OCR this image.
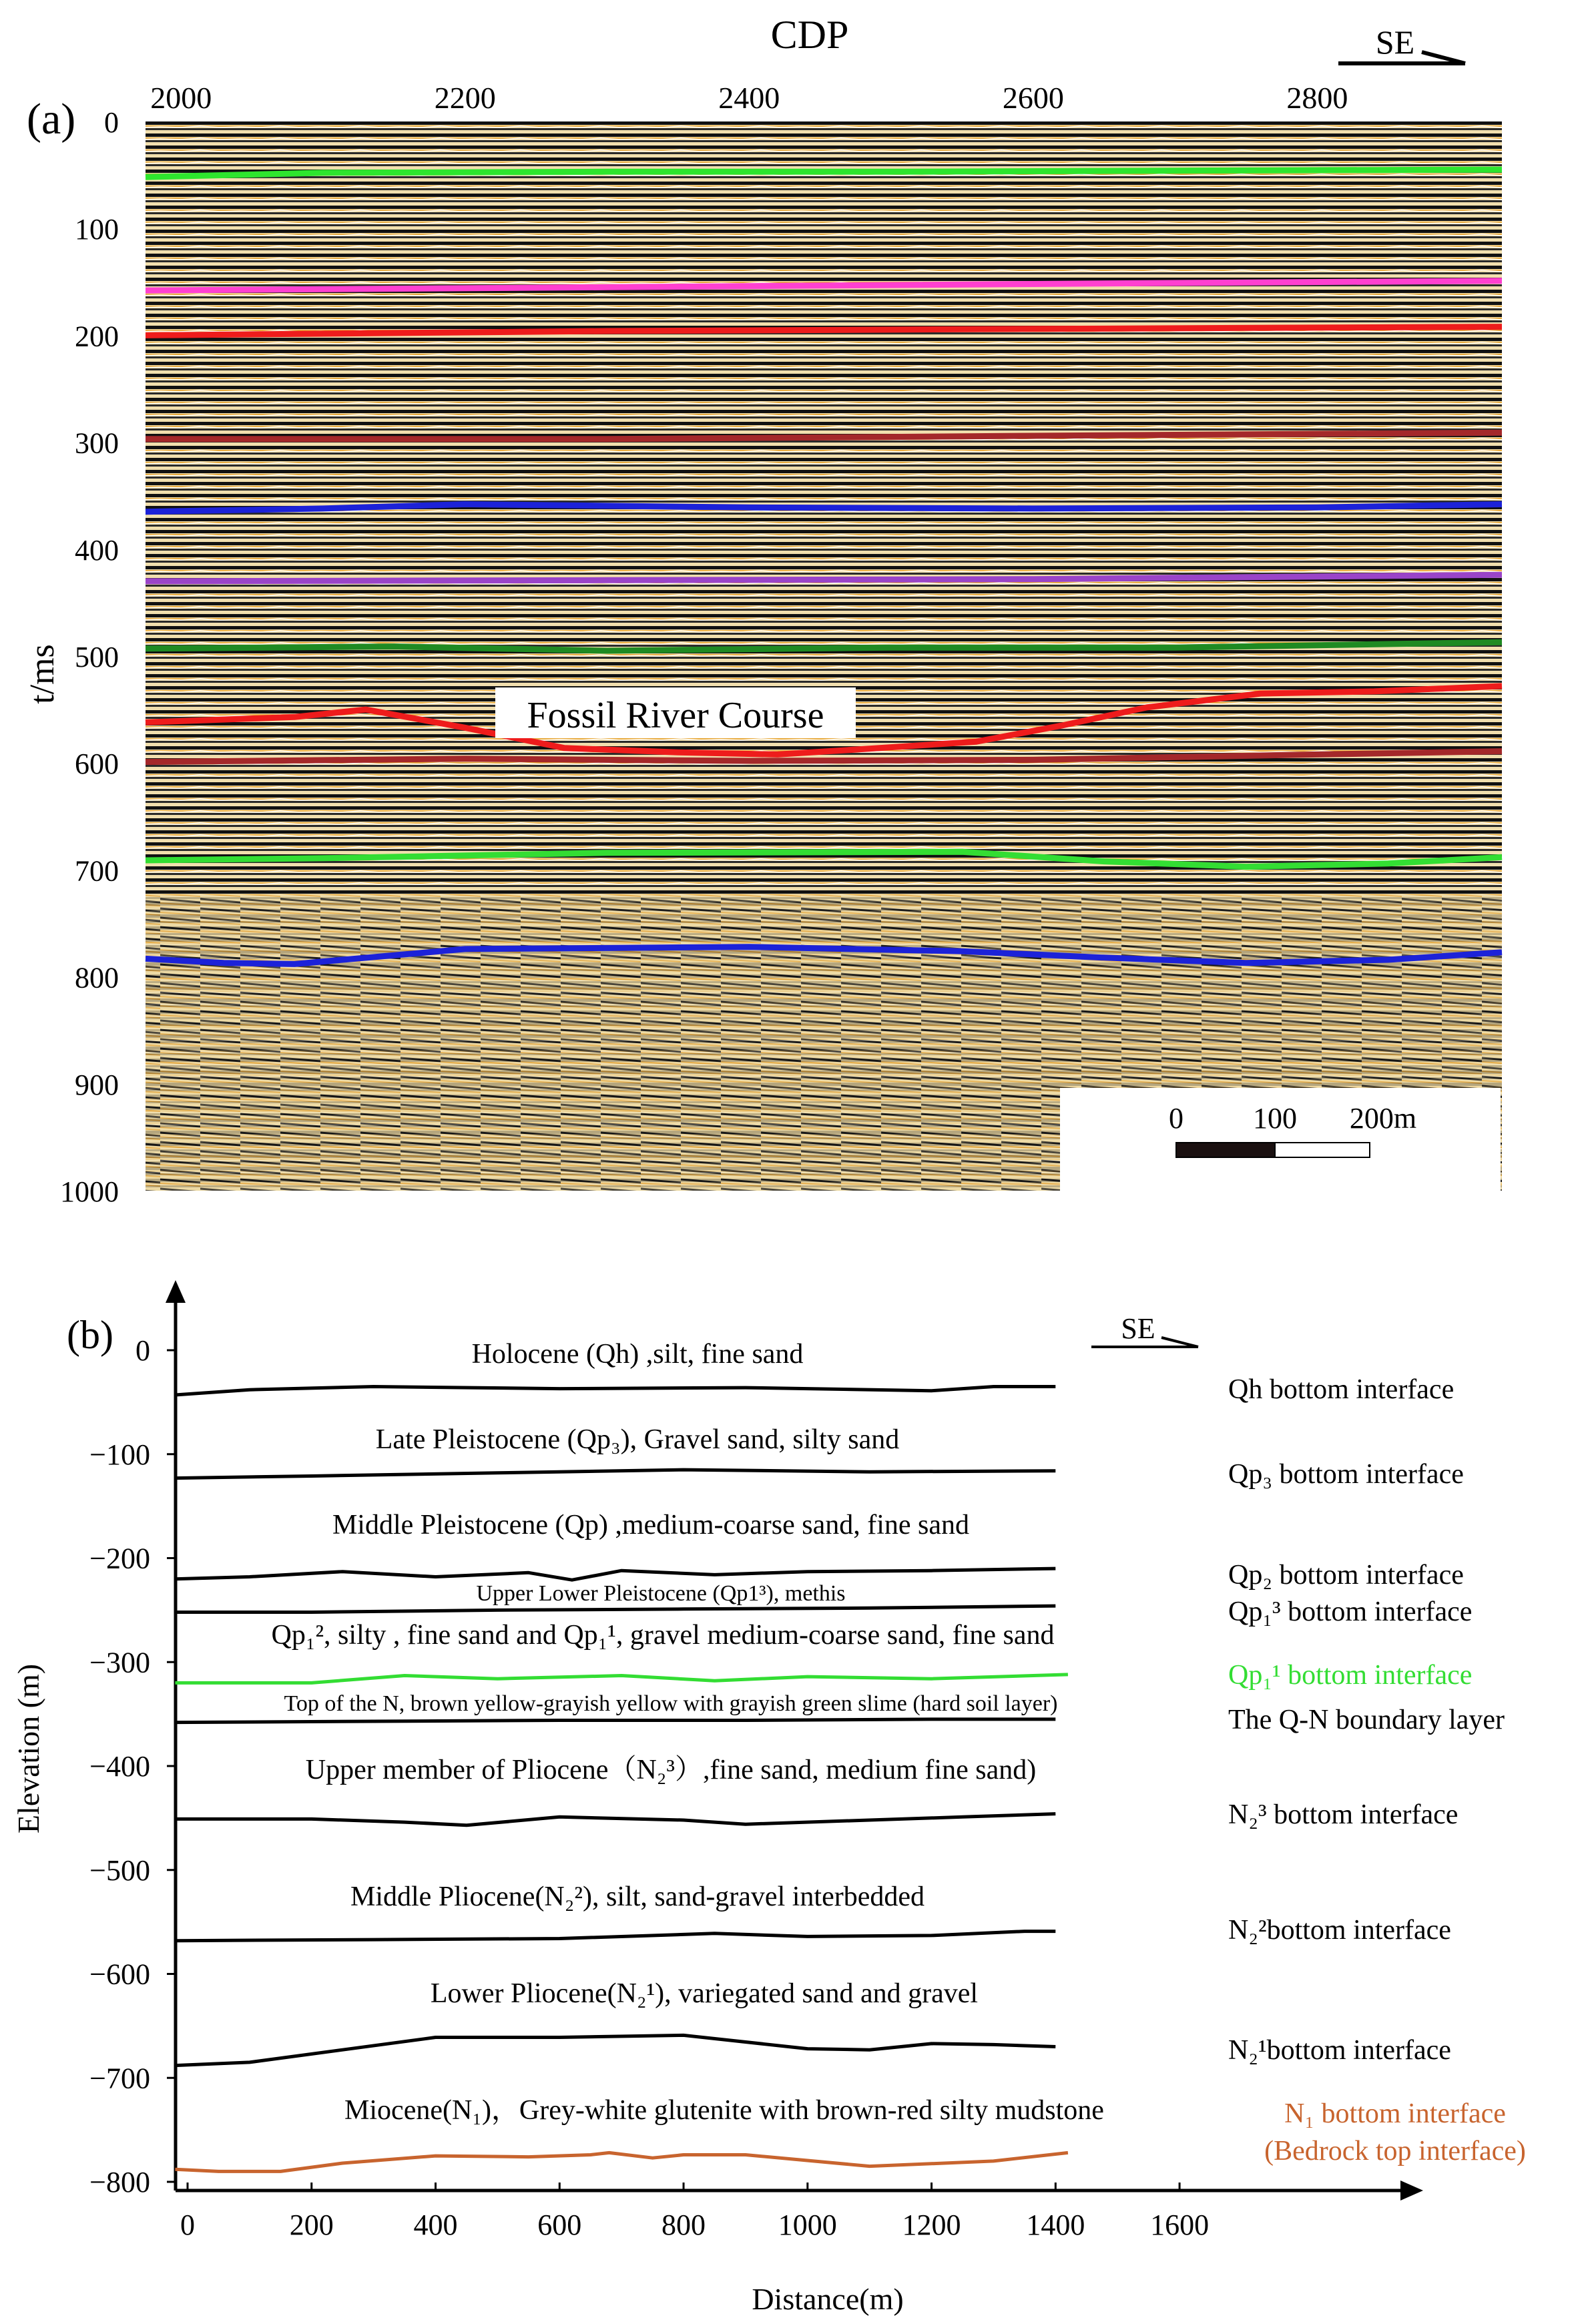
(a)
CDP	SE
2000	2200	2400	2600	2800
0
100
200
300
400
500
600
700
800
900
1000
t/ms
Fossil River Course
0 100 200m
(b)	SE
0
−100
−200
−300
−400
−500
−600
−700
−800
0	200	400	600	800 1000 1200 1400 1600
Elevation (m)
Distance(m)
Holocene (Qh) ,silt, fine sand
Late Pleistocene (Qp₃), Gravel sand, silty sand
Middle Pleistocene (Qp) ,medium-coarse sand, fine sand
Upper Lower Pleistocene (Qp1³), methis
Qp₁², silty , fine sand and Qp₁¹, gravel medium-coarse sand, fine sand
Top of the N, brown yellow-grayish yellow with grayish green slime (hard soil layer)
Upper member of Pliocene（N₂³）,fine sand, medium fine sand)
Middle Pliocene(N₂²), silt, sand-gravel interbedded
Lower Pliocene(N₂¹), variegated sand and gravel
Miocene(N₁)，Grey-white glutenite with brown-red silty mudstone
Qh bottom interface
Qp₃ bottom interface
Qp₂ bottom interface
Qp₁³ bottom interface
Qp₁¹ bottom interface
The Q-N boundary layer
N₂³ bottom interface
N₂²bottom interface
N₂¹bottom interface
N₁ bottom interface
(Bedrock top interface)
